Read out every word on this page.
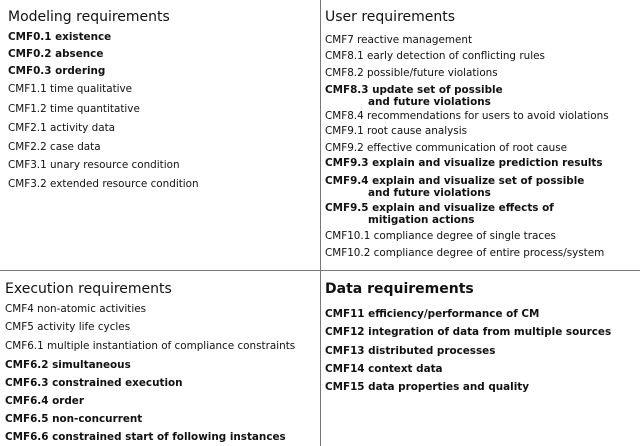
Modeling requirements
CMF0.1 existence
CMF0.2 absence
CMF0.3 ordering
CMF1.1 time qualitative
CMF1.2 time quantitative
CMF2.1 activity data
CMF2.2 case data
CMF3.1 unary resource condition
CMF3.2 extended resource condition
User requirements
CMF7 reactive management
CMF8.1 early detection of conflicting rules
CMF8.2 possible/future violations
CMF8.3 update set of possible
and future violations
CMF8.4 recommendations for users to avoid violations
CMF9.1 root cause analysis
CMF9.2 effective communication of root cause
CMF9.3 explain and visualize prediction results
CMF9.4 explain and visualize set of possible
and future violations
CMF9.5 explain and visualize effects of
mitigation actions
CMF10.1 compliance degree of single traces
CMF10.2 compliance degree of entire process/system
Execution requirements
CMF4 non-atomic activities
CMF5 activity life cycles
CMF6.1 multiple instantiation of compliance constraints
CMF6.2 simultaneous
CMF6.3 constrained execution
CMF6.4 order
CMF6.5 non-concurrent
CMF6.6 constrained start of following instances
Data requirements
CMF11 efficiency/performance of CM
CMF12 integration of data from multiple sources
CMF13 distributed processes
CMF14 context data
CMF15 data properties and quality
